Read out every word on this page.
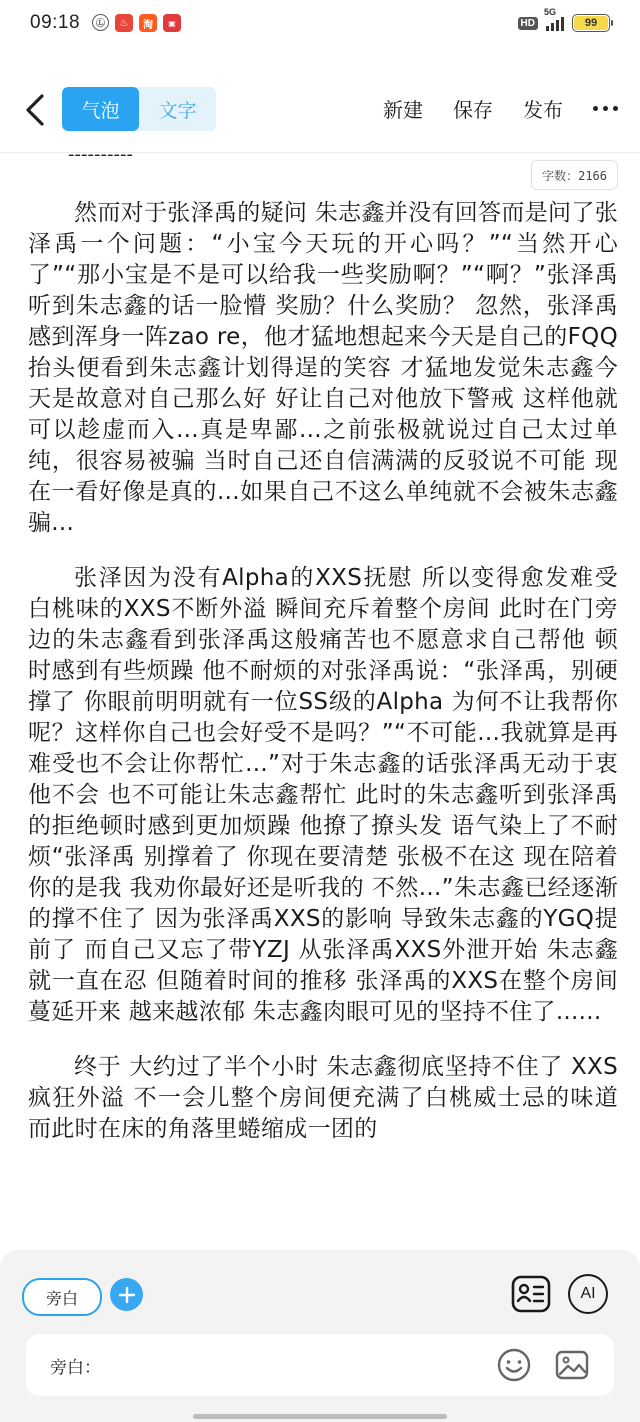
09:18	Ⓛ	♨	淘	▣	HD
5G
99
气泡	文字	新建 保存 发布
----------
字数：2166

然而对于张泽禹的疑问 朱志鑫并没有回答而是问了张泽禹一个问题：“小宝今天玩的开心吗？”“当然开心了”“那小宝是不是可以给我一些奖励啊？”“啊？”张泽禹听到朱志鑫的话一脸懵 奖励？什么奖励？ 忽然，张泽禹感到浑身一阵zao re，他才猛地想起来今天是自己的FQQ 抬头便看到朱志鑫计划得逞的笑容 才猛地发觉朱志鑫今天是故意对自己那么好 好让自己对他放下警戒 这样他就可以趁虚而入...真是卑鄙...之前张极就说过自己太过单纯，很容易被骗 当时自己还自信满满的反驳说不可能 现在一看好像是真的...如果自己不这么单纯就不会被朱志鑫骗...

张泽因为没有Alpha的XXS抚慰 所以变得愈发难受 白桃味的XXS不断外溢 瞬间充斥着整个房间 此时在门旁边的朱志鑫看到张泽禹这般痛苦也不愿意求自己帮他 顿时感到有些烦躁 他不耐烦的对张泽禹说：“张泽禹，别硬撑了 你眼前明明就有一位SS级的Alpha 为何不让我帮你呢？这样你自己也会好受不是吗？”“不可能...我就算是再难受也不会让你帮忙...”对于朱志鑫的话张泽禹无动于衷 他不会 也不可能让朱志鑫帮忙 此时的朱志鑫听到张泽禹的拒绝顿时感到更加烦躁 他撩了撩头发 语气染上了不耐烦“张泽禹 别撑着了 你现在要清楚 张极不在这 现在陪着你的是我 我劝你最好还是听我的 不然...”朱志鑫已经逐渐的撑不住了 因为张泽禹XXS的影响 导致朱志鑫的YGQ提前了 而自己又忘了带YZJ 从张泽禹XXS外泄开始 朱志鑫就一直在忍 但随着时间的推移 张泽禹的XXS在整个房间蔓延开来 越来越浓郁 朱志鑫肉眼可见的坚持不住了......

终于 大约过了半个小时 朱志鑫彻底坚持不住了 XXS疯狂外溢 不一会儿整个房间便充满了白桃威士忌的味道 而此时在床的角落里蜷缩成一团的

旁白	AI
旁白：
